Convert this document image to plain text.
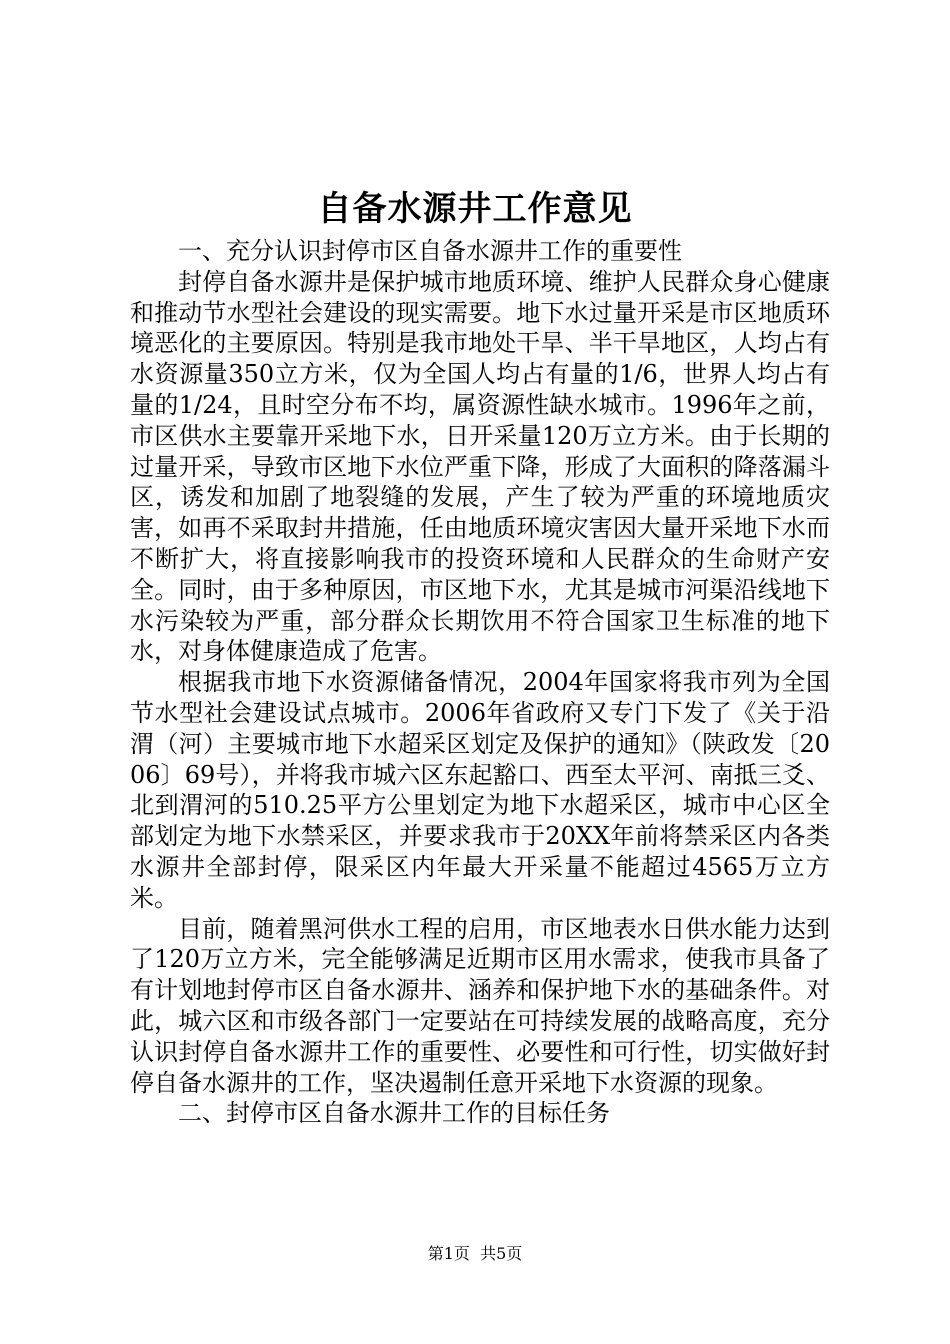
自备水源井工作意见

一、充分认识封停市区自备水源井工作的重要性

封停自备水源井是保护城市地质环境、维护人民群众身心健康和推动节水型社会建设的现实需要。地下水过量开采是市区地质环境恶化的主要原因。特别是我市地处干旱、半干旱地区，人均占有水资源量350立方米，仅为全国人均占有量的1/6，世界人均占有量的1/24，且时空分布不均，属资源性缺水城市。1996年之前，市区供水主要靠开采地下水，日开采量120万立方米。由于长期的过量开采，导致市区地下水位严重下降，形成了大面积的降落漏斗区，诱发和加剧了地裂缝的发展，产生了较为严重的环境地质灾害，如再不采取封井措施，任由地质环境灾害因大量开采地下水而不断扩大，将直接影响我市的投资环境和人民群众的生命财产安全。同时，由于多种原因，市区地下水，尤其是城市河渠沿线地下水污染较为严重，部分群众长期饮用不符合国家卫生标准的地下水，对身体健康造成了危害。

根据我市地下水资源储备情况，2004年国家将我市列为全国节水型社会建设试点城市。2006年省政府又专门下发了《关于沿渭（河）主要城市地下水超采区划定及保护的通知》（陕政发〔2006〕69号），并将我市城六区东起豁口、西至太平河、南抵三爻、北到渭河的510.25平方公里划定为地下水超采区，城市中心区全部划定为地下水禁采区，并要求我市于20XX年前将禁采区内各类水源井全部封停，限采区内年最大开采量不能超过4565万立方米。

目前，随着黑河供水工程的启用，市区地表水日供水能力达到了120万立方米，完全能够满足近期市区用水需求，使我市具备了有计划地封停市区自备水源井、涵养和保护地下水的基础条件。对此，城六区和市级各部门一定要站在可持续发展的战略高度，充分认识封停自备水源井工作的重要性、必要性和可行性，切实做好封停自备水源井的工作，坚决遏制任意开采地下水资源的现象。

二、封停市区自备水源井工作的目标任务

第1页 共5页
